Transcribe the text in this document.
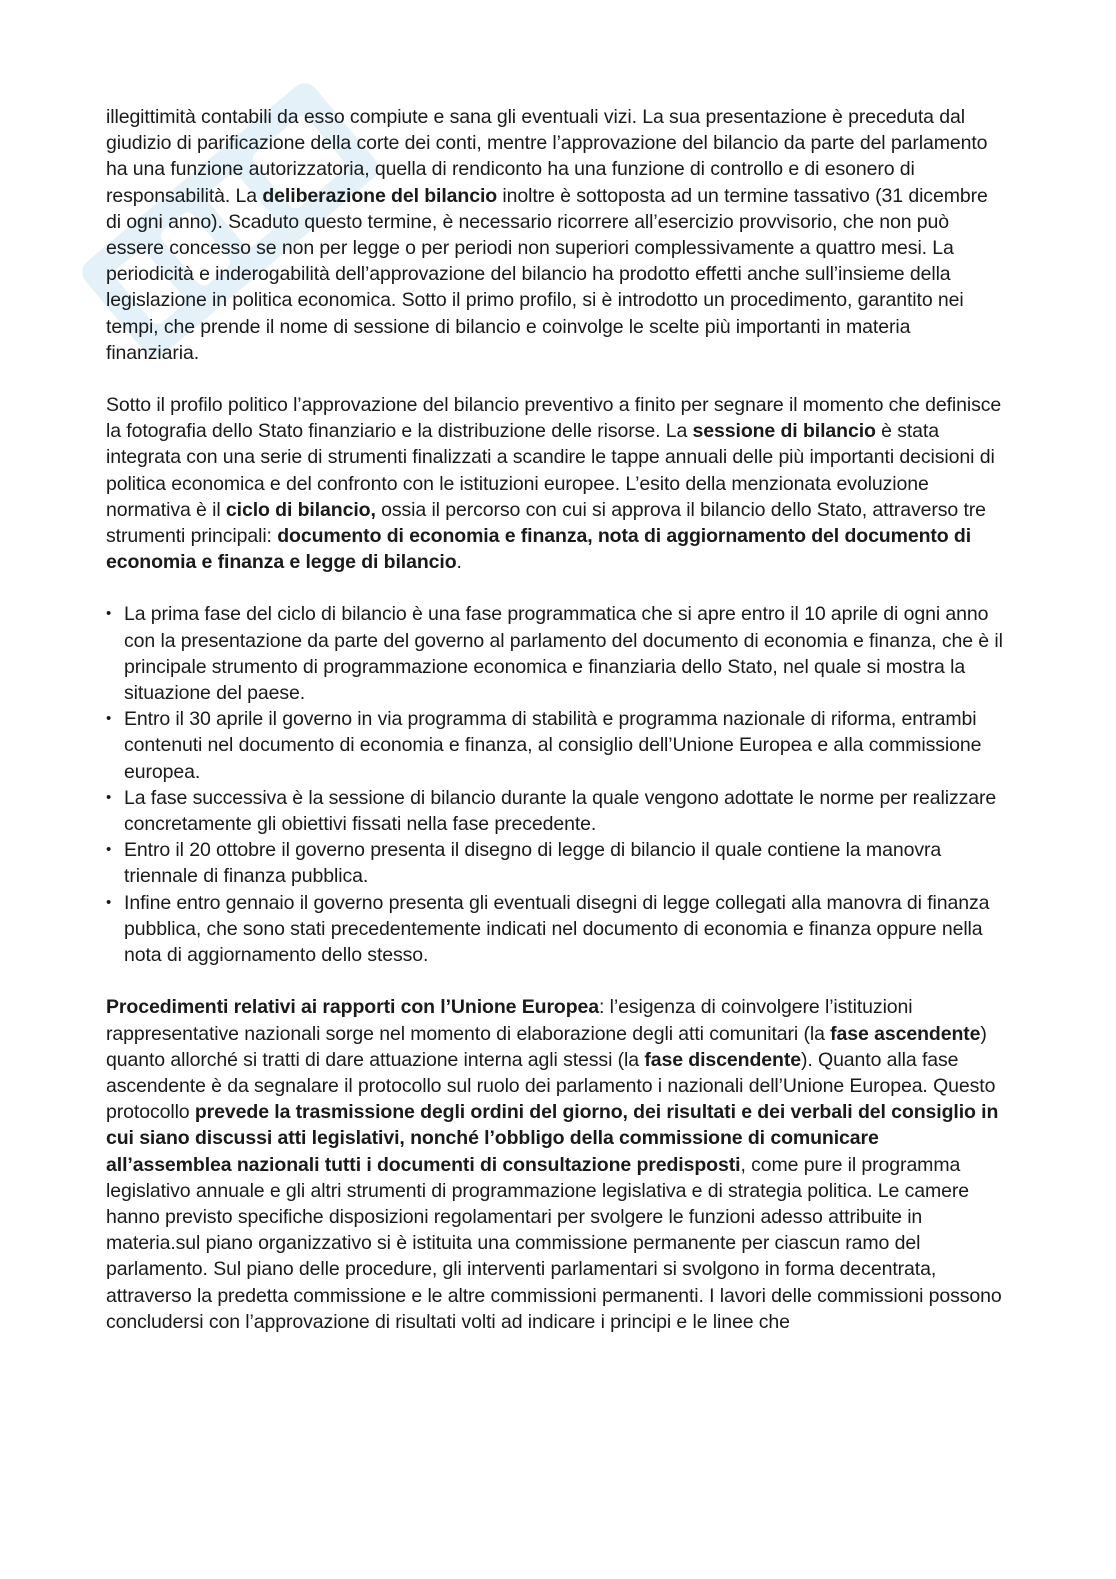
illegittimità contabili da esso compiute e sana gli eventuali vizi. La sua presentazione è preceduta dal giudizio di parificazione della corte dei conti, mentre l’approvazione del bilancio da parte del parlamento ha una funzione autorizzatoria, quella di rendiconto ha una funzione di controllo e di esonero di responsabilità. La deliberazione del bilancio inoltre è sottoposta ad un termine tassativo (31 dicembre di ogni anno). Scaduto questo termine, è necessario ricorrere all’esercizio provvisorio, che non può essere concesso se non per legge o per periodi non superiori complessivamente a quattro mesi. La periodicità e inderogabilità dell’approvazione del bilancio ha prodotto effetti anche sull’insieme della legislazione in politica economica. Sotto il primo profilo, si è introdotto un procedimento, garantito nei tempi, che prende il nome di sessione di bilancio e coinvolge le scelte più importanti in materia finanziaria.

Sotto il profilo politico l’approvazione del bilancio preventivo a finito per segnare il momento che definisce la fotografia dello Stato finanziario e la distribuzione delle risorse. La sessione di bilancio è stata integrata con una serie di strumenti finalizzati a scandire le tappe annuali delle più importanti decisioni di politica economica e del confronto con le istituzioni europee. L’esito della menzionata evoluzione normativa è il ciclo di bilancio, ossia il percorso con cui si approva il bilancio dello Stato, attraverso tre strumenti principali: documento di economia e finanza, nota di aggiornamento del documento di economia e finanza e legge di bilancio.

• La prima fase del ciclo di bilancio è una fase programmatica che si apre entro il 10 aprile di ogni anno con la presentazione da parte del governo al parlamento del documento di economia e finanza, che è il principale strumento di programmazione economica e finanziaria dello Stato, nel quale si mostra la situazione del paese.
• Entro il 30 aprile il governo in via programma di stabilità e programma nazionale di riforma, entrambi contenuti nel documento di economia e finanza, al consiglio dell’Unione Europea e alla commissione europea.
• La fase successiva è la sessione di bilancio durante la quale vengono adottate le norme per realizzare concretamente gli obiettivi fissati nella fase precedente.
• Entro il 20 ottobre il governo presenta il disegno di legge di bilancio il quale contiene la manovra triennale di finanza pubblica.
• Infine entro gennaio il governo presenta gli eventuali disegni di legge collegati alla manovra di finanza pubblica, che sono stati precedentemente indicati nel documento di economia e finanza oppure nella nota di aggiornamento dello stesso.

Procedimenti relativi ai rapporti con l’Unione Europea: l’esigenza di coinvolgere l’istituzioni rappresentative nazionali sorge nel momento di elaborazione degli atti comunitari (la fase ascendente) quanto allorché si tratti di dare attuazione interna agli stessi (la fase discendente). Quanto alla fase ascendente è da segnalare il protocollo sul ruolo dei parlamento i nazionali dell’Unione Europea. Questo protocollo prevede la trasmissione degli ordini del giorno, dei risultati e dei verbali del consiglio in cui siano discussi atti legislativi, nonché l’obbligo della commissione di comunicare all’assemblea nazionali tutti i documenti di consultazione predisposti, come pure il programma legislativo annuale e gli altri strumenti di programmazione legislativa e di strategia politica. Le camere hanno previsto specifiche disposizioni regolamentari per svolgere le funzioni adesso attribuite in materia.sul piano organizzativo si è istituita una commissione permanente per ciascun ramo del parlamento. Sul piano delle procedure, gli interventi parlamentari si svolgono in forma decentrata, attraverso la predetta commissione e le altre commissioni permanenti. I lavori delle commissioni possono concludersi con l’approvazione di risultati volti ad indicare i principi e le linee che
